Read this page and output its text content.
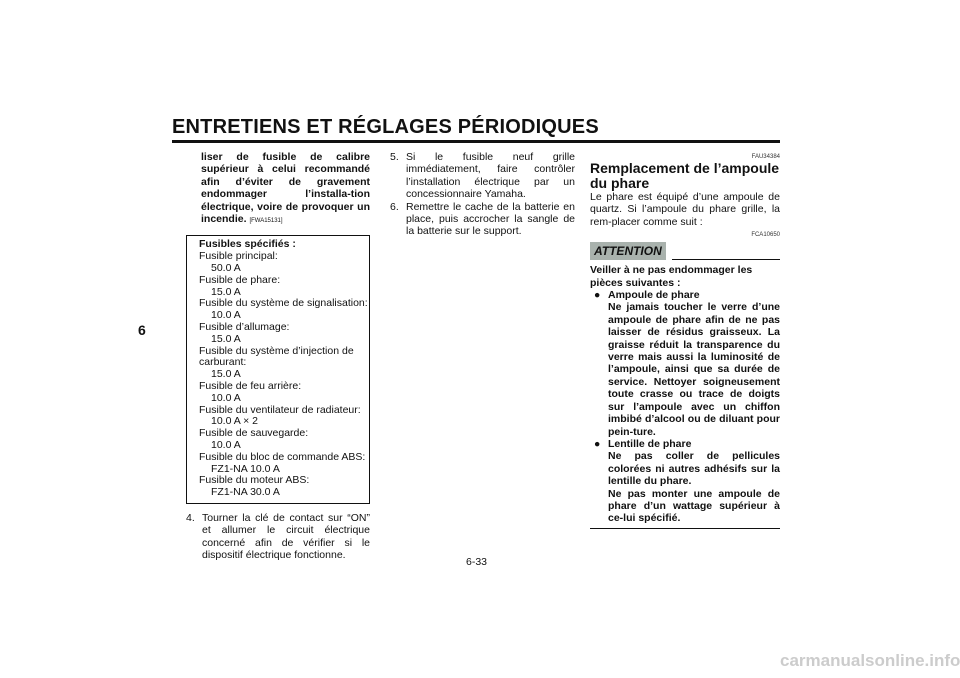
ENTRETIENS ET RÉGLAGES PÉRIODIQUES
6
liser de fusible de calibre supérieur à celui recommandé afin d’éviter de gravement endommager l’installa-tion électrique, voire de provoquer un incendie. [FWA15131]
Fusibles spécifiés :
Fusible principal:
50.0 A
Fusible de phare:
15.0 A
Fusible du système de signalisation:
10.0 A
Fusible d’allumage:
15.0 A
Fusible du système d’injection de carburant:
15.0 A
Fusible de feu arrière:
10.0 A
Fusible du ventilateur de radiateur:
10.0 A × 2
Fusible de sauvegarde:
10.0 A
Fusible du bloc de commande ABS:
FZ1-NA 10.0 A
Fusible du moteur ABS:
FZ1-NA 30.0 A
4. Tourner la clé de contact sur “ON” et allumer le circuit électrique concerné afin de vérifier si le dispositif électrique fonctionne.
5. Si le fusible neuf grille immédiatement, faire contrôler l’installation électrique par un concessionnaire Yamaha.
6. Remettre le cache de la batterie en place, puis accrocher la sangle de la batterie sur le support.
FAU34384
Remplacement de l’ampoule du phare
Le phare est équipé d’une ampoule de quartz. Si l’ampoule du phare grille, la rem-placer comme suit :
FCA10650
ATTENTION
Veiller à ne pas endommager les pièces suivantes :
● Ampoule de phare
Ne jamais toucher le verre d’une ampoule de phare afin de ne pas laisser de résidus graisseux. La graisse réduit la transparence du verre mais aussi la luminosité de l’ampoule, ainsi que sa durée de service. Nettoyer soigneusement toute crasse ou trace de doigts sur l’ampoule avec un chiffon imbibé d’alcool ou de diluant pour pein-ture.
● Lentille de phare
Ne pas coller de pellicules colorées ni autres adhésifs sur la lentille du phare.
Ne pas monter une ampoule de phare d’un wattage supérieur à ce-lui spécifié.
6-33
carmanualsonline.info
